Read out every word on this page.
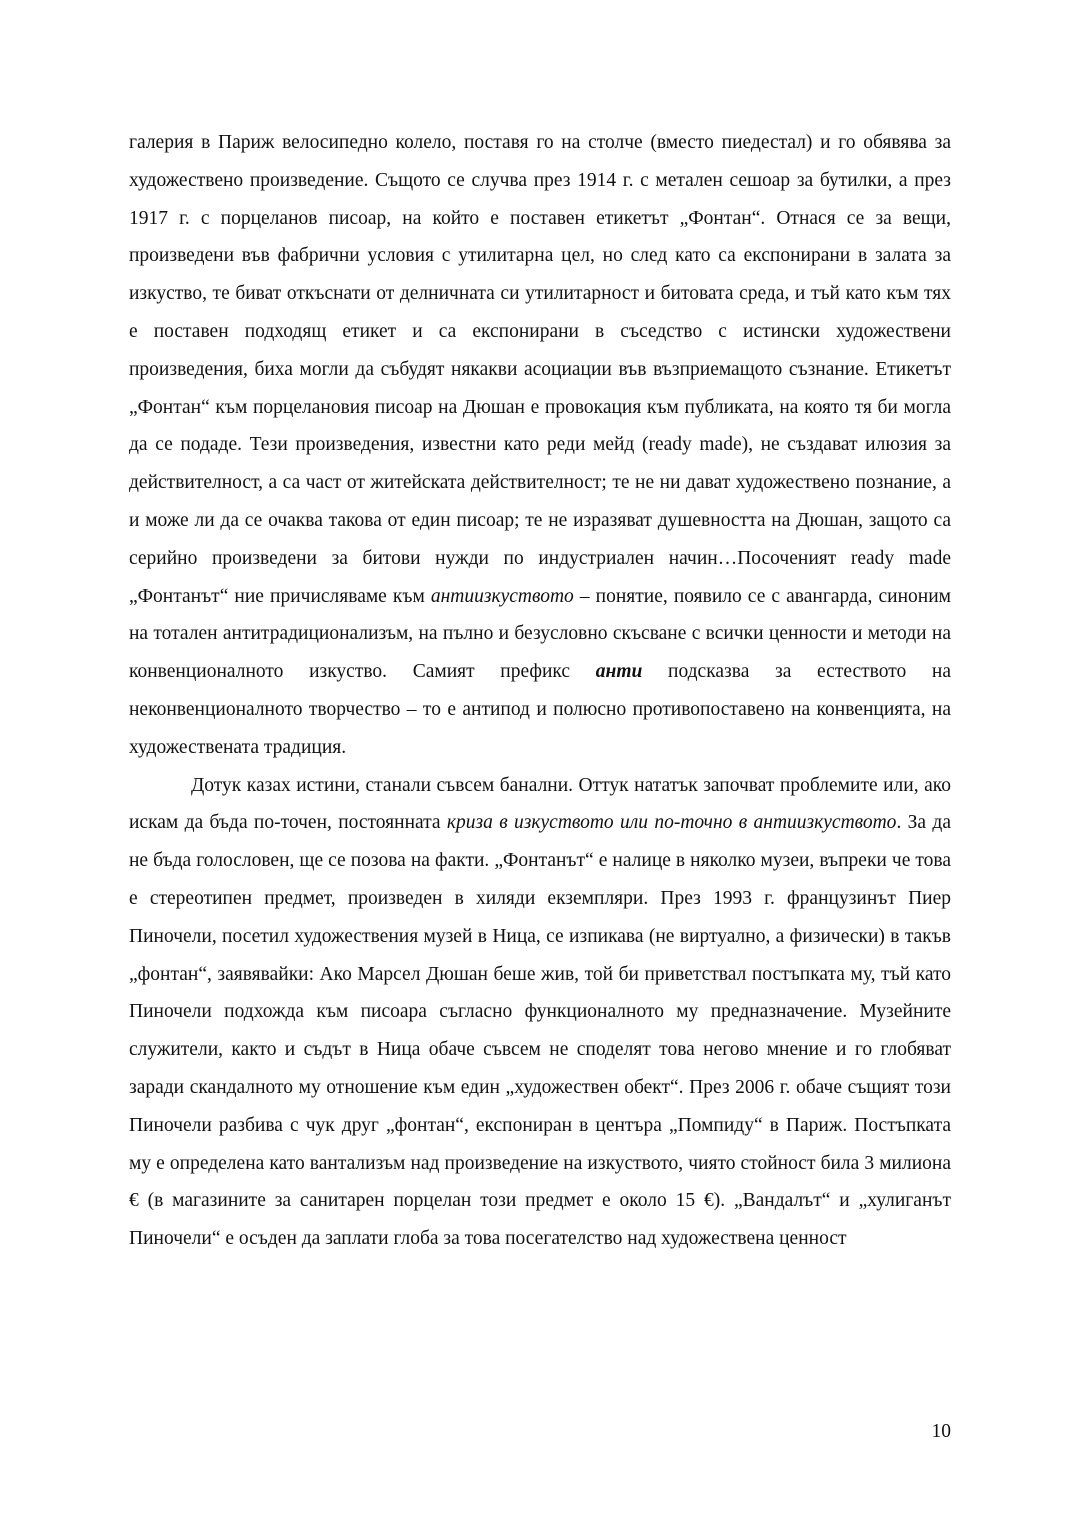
галерия в Париж велосипедно колело, поставя го на столче (вместо пиедестал) и го обявява за художествено произведение. Същото се случва през 1914 г. с метален сешоар за бутилки, а през 1917 г. с порцеланов писоар, на който е поставен етикетът „Фонтан“. Отнася се за вещи, произведени във фабрични условия с утилитарна цел, но след като са експонирани в залата за изкуство, те биват откъснати от делничната си утилитарност и битовата среда, и тъй като към тях е поставен подходящ етикет и са експонирани в съседство с истински художествени произведения, биха могли да събудят някакви асоциации във възприемащото съзнание. Етикетът „Фонтан“ към порцелановия писоар на Дюшан е провокация към публиката, на която тя би могла да се подаде. Тези произведения, известни като реди мейд (ready made), не създават илюзия за действителност, а са част от житейската действителност; те не ни дават художествено познание, а и може ли да се очаква такова от един писоар; те не изразяват душевността на Дюшан, защото са серийно произведени за битови нужди по индустриален начин…Посоченият ready made „Фонтанът“ ние причисляваме към антиизкуството – понятие, появило се с авангарда, синоним на тотален антитрадиционализъм, на пълно и безусловно скъсване с всички ценности и методи на конвенционалното изкуство. Самият префикс анти подсказва за естеството на неконвенционалното творчество – то е антипод и полюсно противопоставено на конвенцията, на художествената традиция.

Дотук казах истини, станали съвсем банални. Оттук нататък започват проблемите или, ако искам да бъда по-точен, постоянната криза в изкуството или по-точно в антиизкуството. За да не бъда голословен, ще се позова на факти. „Фонтанът“ е налице в няколко музеи, въпреки че това е стереотипен предмет, произведен в хиляди екземпляри. През 1993 г. французинът Пиер Пиночели, посетил художествения музей в Ница, се изпикава (не виртуално, а физически) в такъв „фонтан“, заявявайки: Ако Марсел Дюшан беше жив, той би приветствал постъпката му, тъй като Пиночели подхожда към писоара съгласно функционалното му предназначение. Музейните служители, както и съдът в Ница обаче съвсем не споделят това негово мнение и го глобяват заради скандалното му отношение към един „художествен обект“. През 2006 г. обаче същият този Пиночели разбива с чук друг „фонтан“, експониран в центъра „Помпиду“ в Париж. Постъпката му е определена като вантализъм над произведение на изкуството, чиято стойност била 3 милиона € (в магазините за санитарен порцелан този предмет е около 15 €). „Вандалът“ и „хулиганът Пиночели“ е осъден да заплати глоба за това посегателство над художествена ценност

10
